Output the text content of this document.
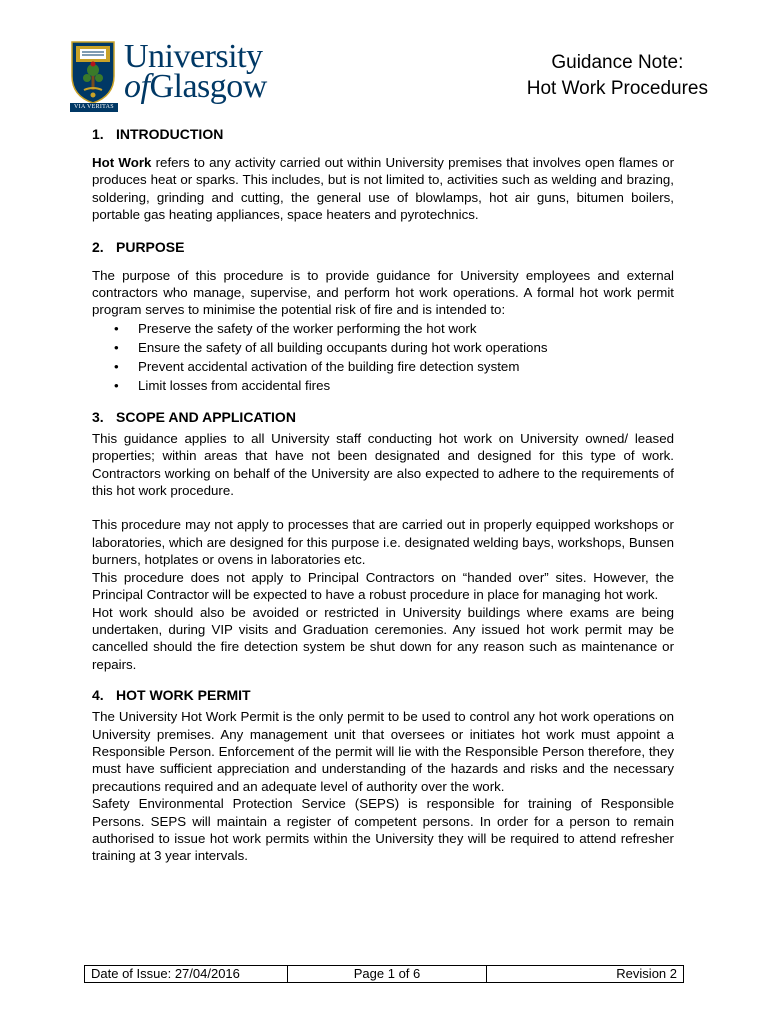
VIA VERITAS VITA
University
ofGlasgow
Guidance Note:
Hot Work Procedures
1. INTRODUCTION

Hot Work refers to any activity carried out within University premises that involves open flames or produces heat or sparks. This includes, but is not limited to, activities such as welding and brazing, soldering, grinding and cutting, the general use of blowlamps, hot air guns, bitumen boilers, portable gas heating appliances, space heaters and pyrotechnics.

2. PURPOSE

The purpose of this procedure is to provide guidance for University employees and external contractors who manage, supervise, and perform hot work operations. A formal hot work permit program serves to minimise the potential risk of fire and is intended to:

• Preserve the safety of the worker performing the hot work
• Ensure the safety of all building occupants during hot work operations
• Prevent accidental activation of the building fire detection system
• Limit losses from accidental fires
3. SCOPE AND APPLICATION

This guidance applies to all University staff conducting hot work on University owned/ leased properties; within areas that have not been designated and designed for this type of work. Contractors working on behalf of the University are also expected to adhere to the requirements of this hot work procedure.

This procedure may not apply to processes that are carried out in properly equipped workshops or laboratories, which are designed for this purpose i.e. designated welding bays, workshops, Bunsen burners, hotplates or ovens in laboratories etc.

This procedure does not apply to Principal Contractors on “handed over” sites. However, the Principal Contractor will be expected to have a robust procedure in place for managing hot work.

Hot work should also be avoided or restricted in University buildings where exams are being undertaken, during VIP visits and Graduation ceremonies. Any issued hot work permit may be cancelled should the fire detection system be shut down for any reason such as maintenance or repairs.

4. HOT WORK PERMIT

The University Hot Work Permit is the only permit to be used to control any hot work operations on University premises. Any management unit that oversees or initiates hot work must appoint a Responsible Person. Enforcement of the permit will lie with the Responsible Person therefore, they must have sufficient appreciation and understanding of the hazards and risks and the necessary precautions required and an adequate level of authority over the work.

Safety Environmental Protection Service (SEPS) is responsible for training of Responsible Persons. SEPS will maintain a register of competent persons. In order for a person to remain authorised to issue hot work permits within the University they will be required to attend refresher training at 3 year intervals.

Date of Issue: 27/04/2016	Page 1 of 6	Revision 2
